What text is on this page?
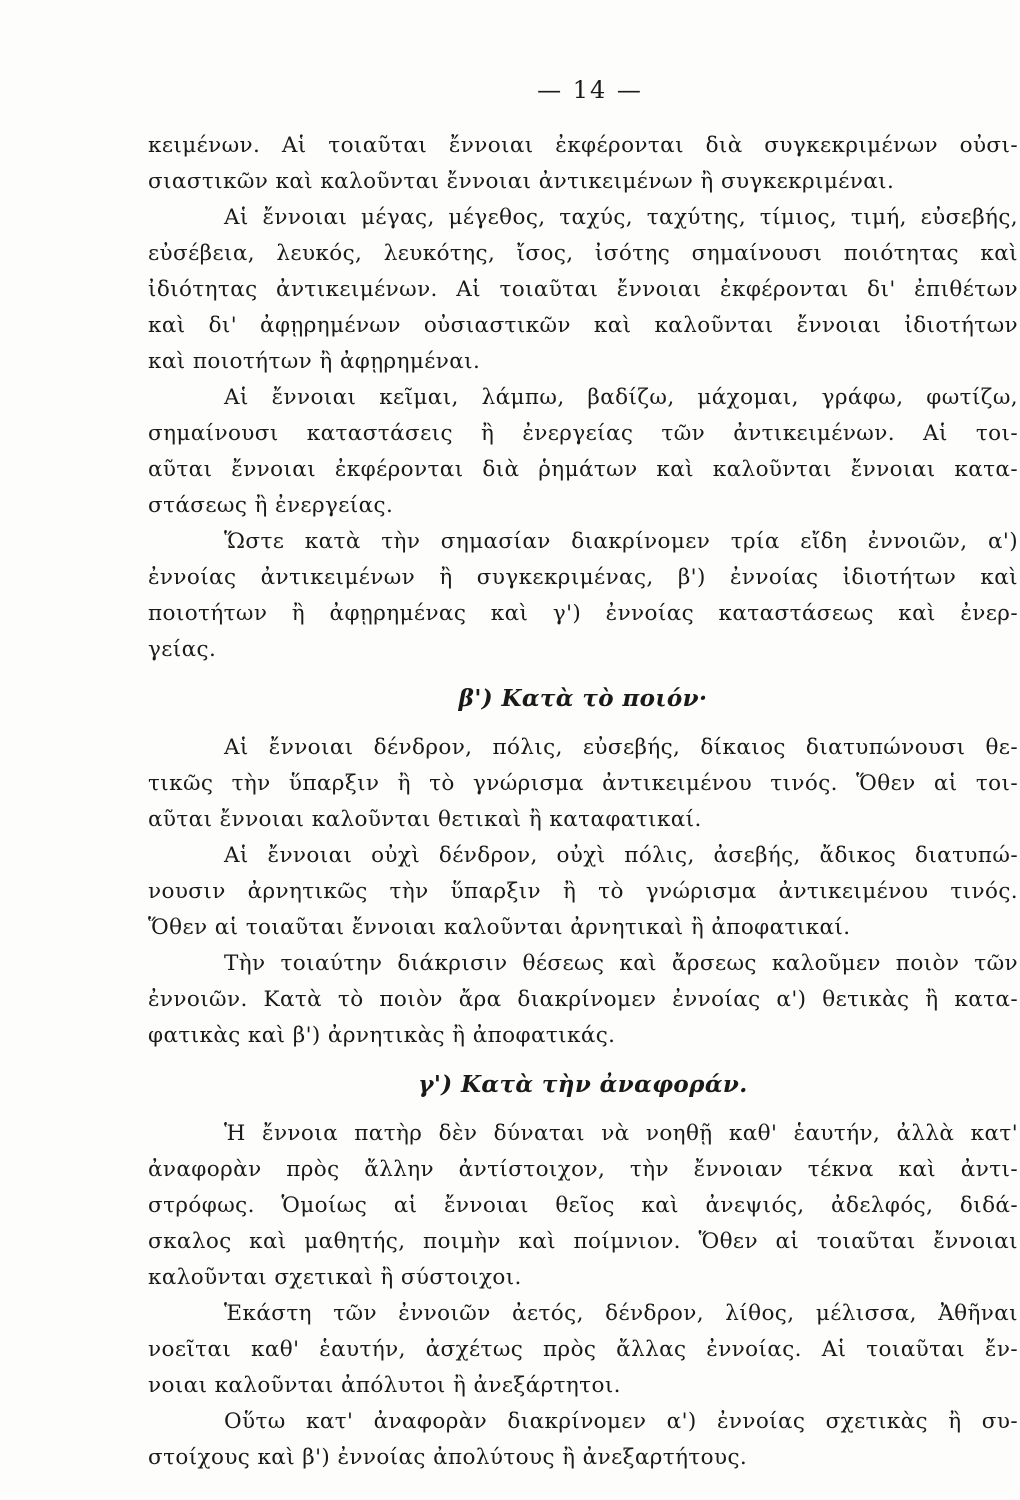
— 14 —
κειμένων. Αἱ τοιαῦται ἔννοιαι ἐκφέρονται διὰ συγκεκριμένων οὐσι-
σιαστικῶν καὶ καλοῦνται ἔννοιαι ἀντικειμένων ἢ συγκεκριμέναι.
Αἱ ἔννοιαι μέγας, μέγεθος, ταχύς, ταχύτης, τίμιος, τιμή, εὐσεβής,
εὐσέβεια, λευκός, λευκότης, ἴσος, ἰσότης σημαίνουσι ποιότητας καὶ
ἰδιότητας ἀντικειμένων. Αἱ τοιαῦται ἔννοιαι ἐκφέρονται δι' ἐπιθέτων
καὶ δι' ἀφῃρημένων οὐσιαστικῶν καὶ καλοῦνται ἔννοιαι ἰδιοτήτων
καὶ ποιοτήτων ἢ ἀφῃρημέναι.
Αἱ ἔννοιαι κεῖμαι, λάμπω, βαδίζω, μάχομαι, γράφω, φωτίζω,
σημαίνουσι καταστάσεις ἢ ἐνεργείας τῶν ἀντικειμένων. Αἱ τοι-
αῦται ἔννοιαι ἐκφέρονται διὰ ῥημάτων καὶ καλοῦνται ἔννοιαι κατα-
στάσεως ἢ ἐνεργείας.
Ὥστε κατὰ τὴν σημασίαν διακρίνομεν τρία εἴδη ἐννοιῶν, α')
ἐννοίας ἀντικειμένων ἢ συγκεκριμένας, β') ἐννοίας ἰδιοτήτων καὶ
ποιοτήτων ἢ ἀφῃρημένας καὶ γ') ἐννοίας καταστάσεως καὶ ἐνερ-
γείας.
β') Κατὰ τὸ ποιόν·
Αἱ ἔννοιαι δένδρον, πόλις, εὐσεβής, δίκαιος διατυπώνουσι θε-
τικῶς τὴν ὕπαρξιν ἢ τὸ γνώρισμα ἀντικειμένου τινός. Ὅθεν αἱ τοι-
αῦται ἔννοιαι καλοῦνται θετικαὶ ἢ καταφατικαί.
Αἱ ἔννοιαι οὐχὶ δένδρον, οὐχὶ πόλις, ἀσεβής, ἄδικος διατυπώ-
νουσιν ἀρνητικῶς τὴν ὕπαρξιν ἢ τὸ γνώρισμα ἀντικειμένου τινός.
Ὅθεν αἱ τοιαῦται ἔννοιαι καλοῦνται ἀρνητικαὶ ἢ ἀποφατικαί.
Τὴν τοιαύτην διάκρισιν θέσεως καὶ ἄρσεως καλοῦμεν ποιὸν τῶν
ἐννοιῶν. Κατὰ τὸ ποιὸν ἄρα διακρίνομεν ἐννοίας α') θετικὰς ἢ κατα-
φατικὰς καὶ β') ἀρνητικὰς ἢ ἀποφατικάς.
γ') Κατὰ τὴν ἀναφοράν.
Ἡ ἔννοια πατὴρ δὲν δύναται νὰ νοηθῇ καθ' ἑαυτήν, ἀλλὰ κατ'
ἀναφορὰν πρὸς ἄλλην ἀντίστοιχον, τὴν ἔννοιαν τέκνα καὶ ἀντι-
στρόφως. Ὁμοίως αἱ ἔννοιαι θεῖος καὶ ἀνεψιός, ἀδελφός, διδά-
σκαλος καὶ μαθητής, ποιμὴν καὶ ποίμνιον. Ὅθεν αἱ τοιαῦται ἔννοιαι
καλοῦνται σχετικαὶ ἢ σύστοιχοι.
Ἑκάστη τῶν ἐννοιῶν ἀετός, δένδρον, λίθος, μέλισσα, Ἀθῆναι
νοεῖται καθ' ἑαυτήν, ἀσχέτως πρὸς ἄλλας ἐννοίας. Αἱ τοιαῦται ἔν-
νοιαι καλοῦνται ἀπόλυτοι ἢ ἀνεξάρτητοι.
Οὕτω κατ' ἀναφορὰν διακρίνομεν α') ἐννοίας σχετικὰς ἢ συ-
στοίχους καὶ β') ἐννοίας ἀπολύτους ἢ ἀνεξαρτήτους.
